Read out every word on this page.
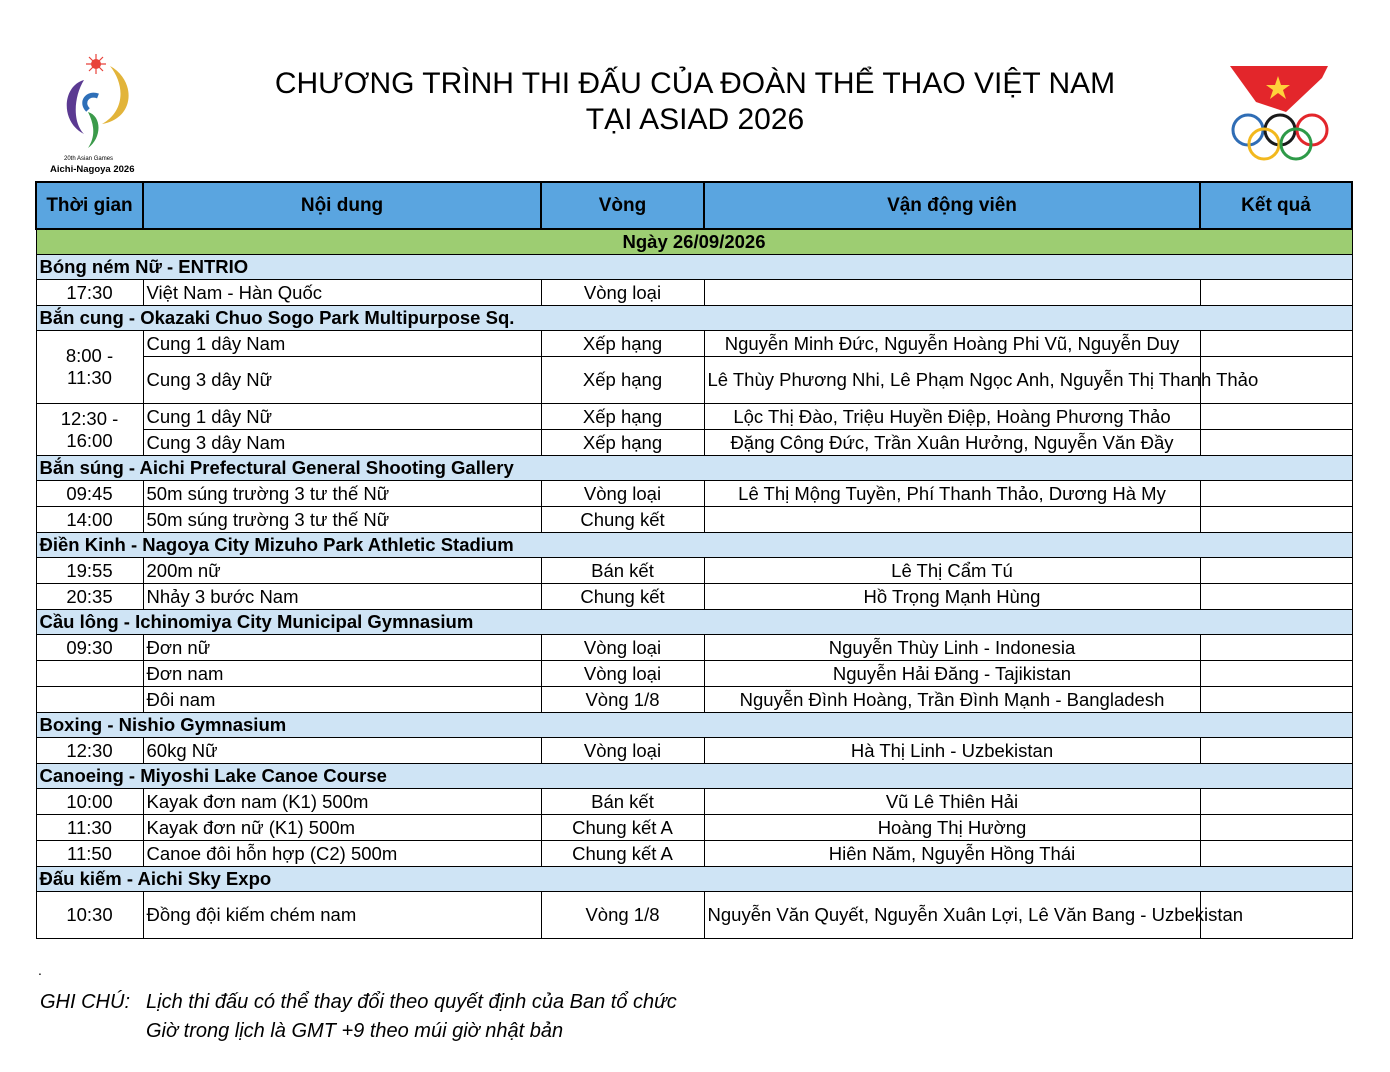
20th Asian Games
Aichi-Nagoya 2026
CHƯƠNG TRÌNH THI ĐẤU CỦA ĐOÀN THỂ THAO VIỆT NAM
TẠI ASIAD 2026
Thời gian	Nội dung	Vòng	Vận động viên	Kết quả
Ngày 26/09/2026				
Bóng ném Nữ - ENTRIO				
17:30	Việt Nam - Hàn Quốc	Vòng loại		
Bắn cung - Okazaki Chuo Sogo Park Multipurpose Sq.				

8:00 -
11:30	Cung 1 dây Nam	Xếp hạng	Nguyễn Minh Đức, Nguyễn Hoàng Phi Vũ, Nguyễn Duy	
	Cung 3 dây Nữ	Xếp hạng	Lê Thùy Phương Nhi, Lê Phạm Ngọc Anh, Nguyễn Thị Thanh Thảo	

12:30 -
16:00	Cung 1 dây Nữ	Xếp hạng	Lộc Thị Đào, Triệu Huyền Điệp, Hoàng Phương Thảo	
	Cung 3 dây Nam	Xếp hạng	Đặng Công Đức, Trần Xuân Hưởng, Nguyễn Văn Đầy	
Bắn súng - Aichi Prefectural General Shooting Gallery				
09:45	50m súng trường 3 tư thế Nữ	Vòng loại	Lê Thị Mộng Tuyền, Phí Thanh Thảo, Dương Hà My	
14:00	50m súng trường 3 tư thế Nữ	Chung kết		
Điền Kinh - Nagoya City Mizuho Park Athletic Stadium				
19:55	200m nữ	Bán kết	Lê Thị Cẩm Tú	
20:35	Nhảy 3 bước Nam	Chung kết	Hồ Trọng Mạnh Hùng	
Cầu lông - Ichinomiya City Municipal Gymnasium				
09:30	Đơn nữ	Vòng loại	Nguyễn Thùy Linh - Indonesia	
	Đơn nam	Vòng loại	Nguyễn Hải Đăng - Tajikistan	
	Đôi nam	Vòng 1/8	Nguyễn Đình Hoàng, Trần Đình Mạnh - Bangladesh	
Boxing - Nishio Gymnasium				
12:30	60kg Nữ	Vòng loại	Hà Thị Linh - Uzbekistan	
Canoeing - Miyoshi Lake Canoe Course				
10:00	Kayak đơn nam (K1) 500m	Bán kết	Vũ Lê Thiên Hải	
11:30	Kayak đơn nữ (K1) 500m	Chung kết A	Hoàng Thị Hường	
11:50	Canoe đôi hỗn hợp (C2) 500m	Chung kết A	Hiên Năm, Nguyễn Hồng Thái	
Đấu kiếm - Aichi Sky Expo				
10:30	Đồng đội kiếm chém nam	Vòng 1/8	Nguyễn Văn Quyết, Nguyễn Xuân Lợi, Lê Văn Bang - Uzbekistan	
.
GHI CHÚ: Lịch thi đấu có thể thay đổi theo quyết định của Ban tổ chức
Giờ trong lịch là GMT +9 theo múi giờ nhật bản
